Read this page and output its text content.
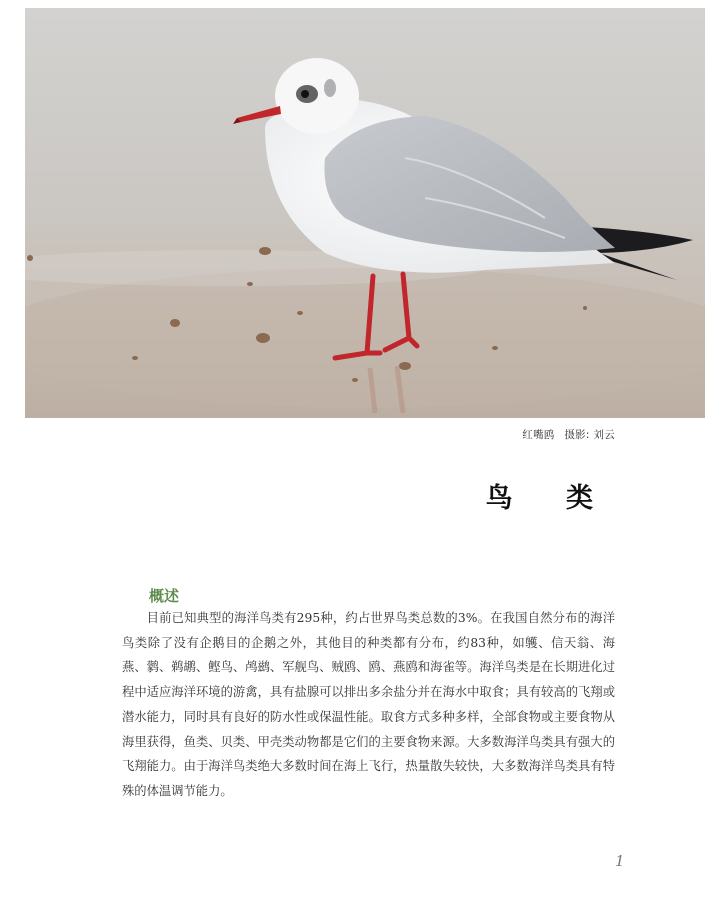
红嘴鸥 摄影: 刘云
鸟 类
概述

目前已知典型的海洋鸟类有295种，约占世界鸟类总数的3%。在我国自然分布的海洋鸟类除了没有企鹅目的企鹅之外，其他目的种类都有分布，约83种，如鹱、信天翁、海燕、鹲、鹈鹕、鲣鸟、鸬鹚、军舰鸟、贼鸥、鸥、燕鸥和海雀等。海洋鸟类是在长期进化过程中适应海洋环境的游禽，具有盐腺可以排出多余盐分并在海水中取食；具有较高的飞翔或潜水能力，同时具有良好的防水性或保温性能。取食方式多种多样，全部食物或主要食物从海里获得，鱼类、贝类、甲壳类动物都是它们的主要食物来源。大多数海洋鸟类具有强大的飞翔能力。由于海洋鸟类绝大多数时间在海上飞行，热量散失较快，大多数海洋鸟类具有特殊的体温调节能力。

1
